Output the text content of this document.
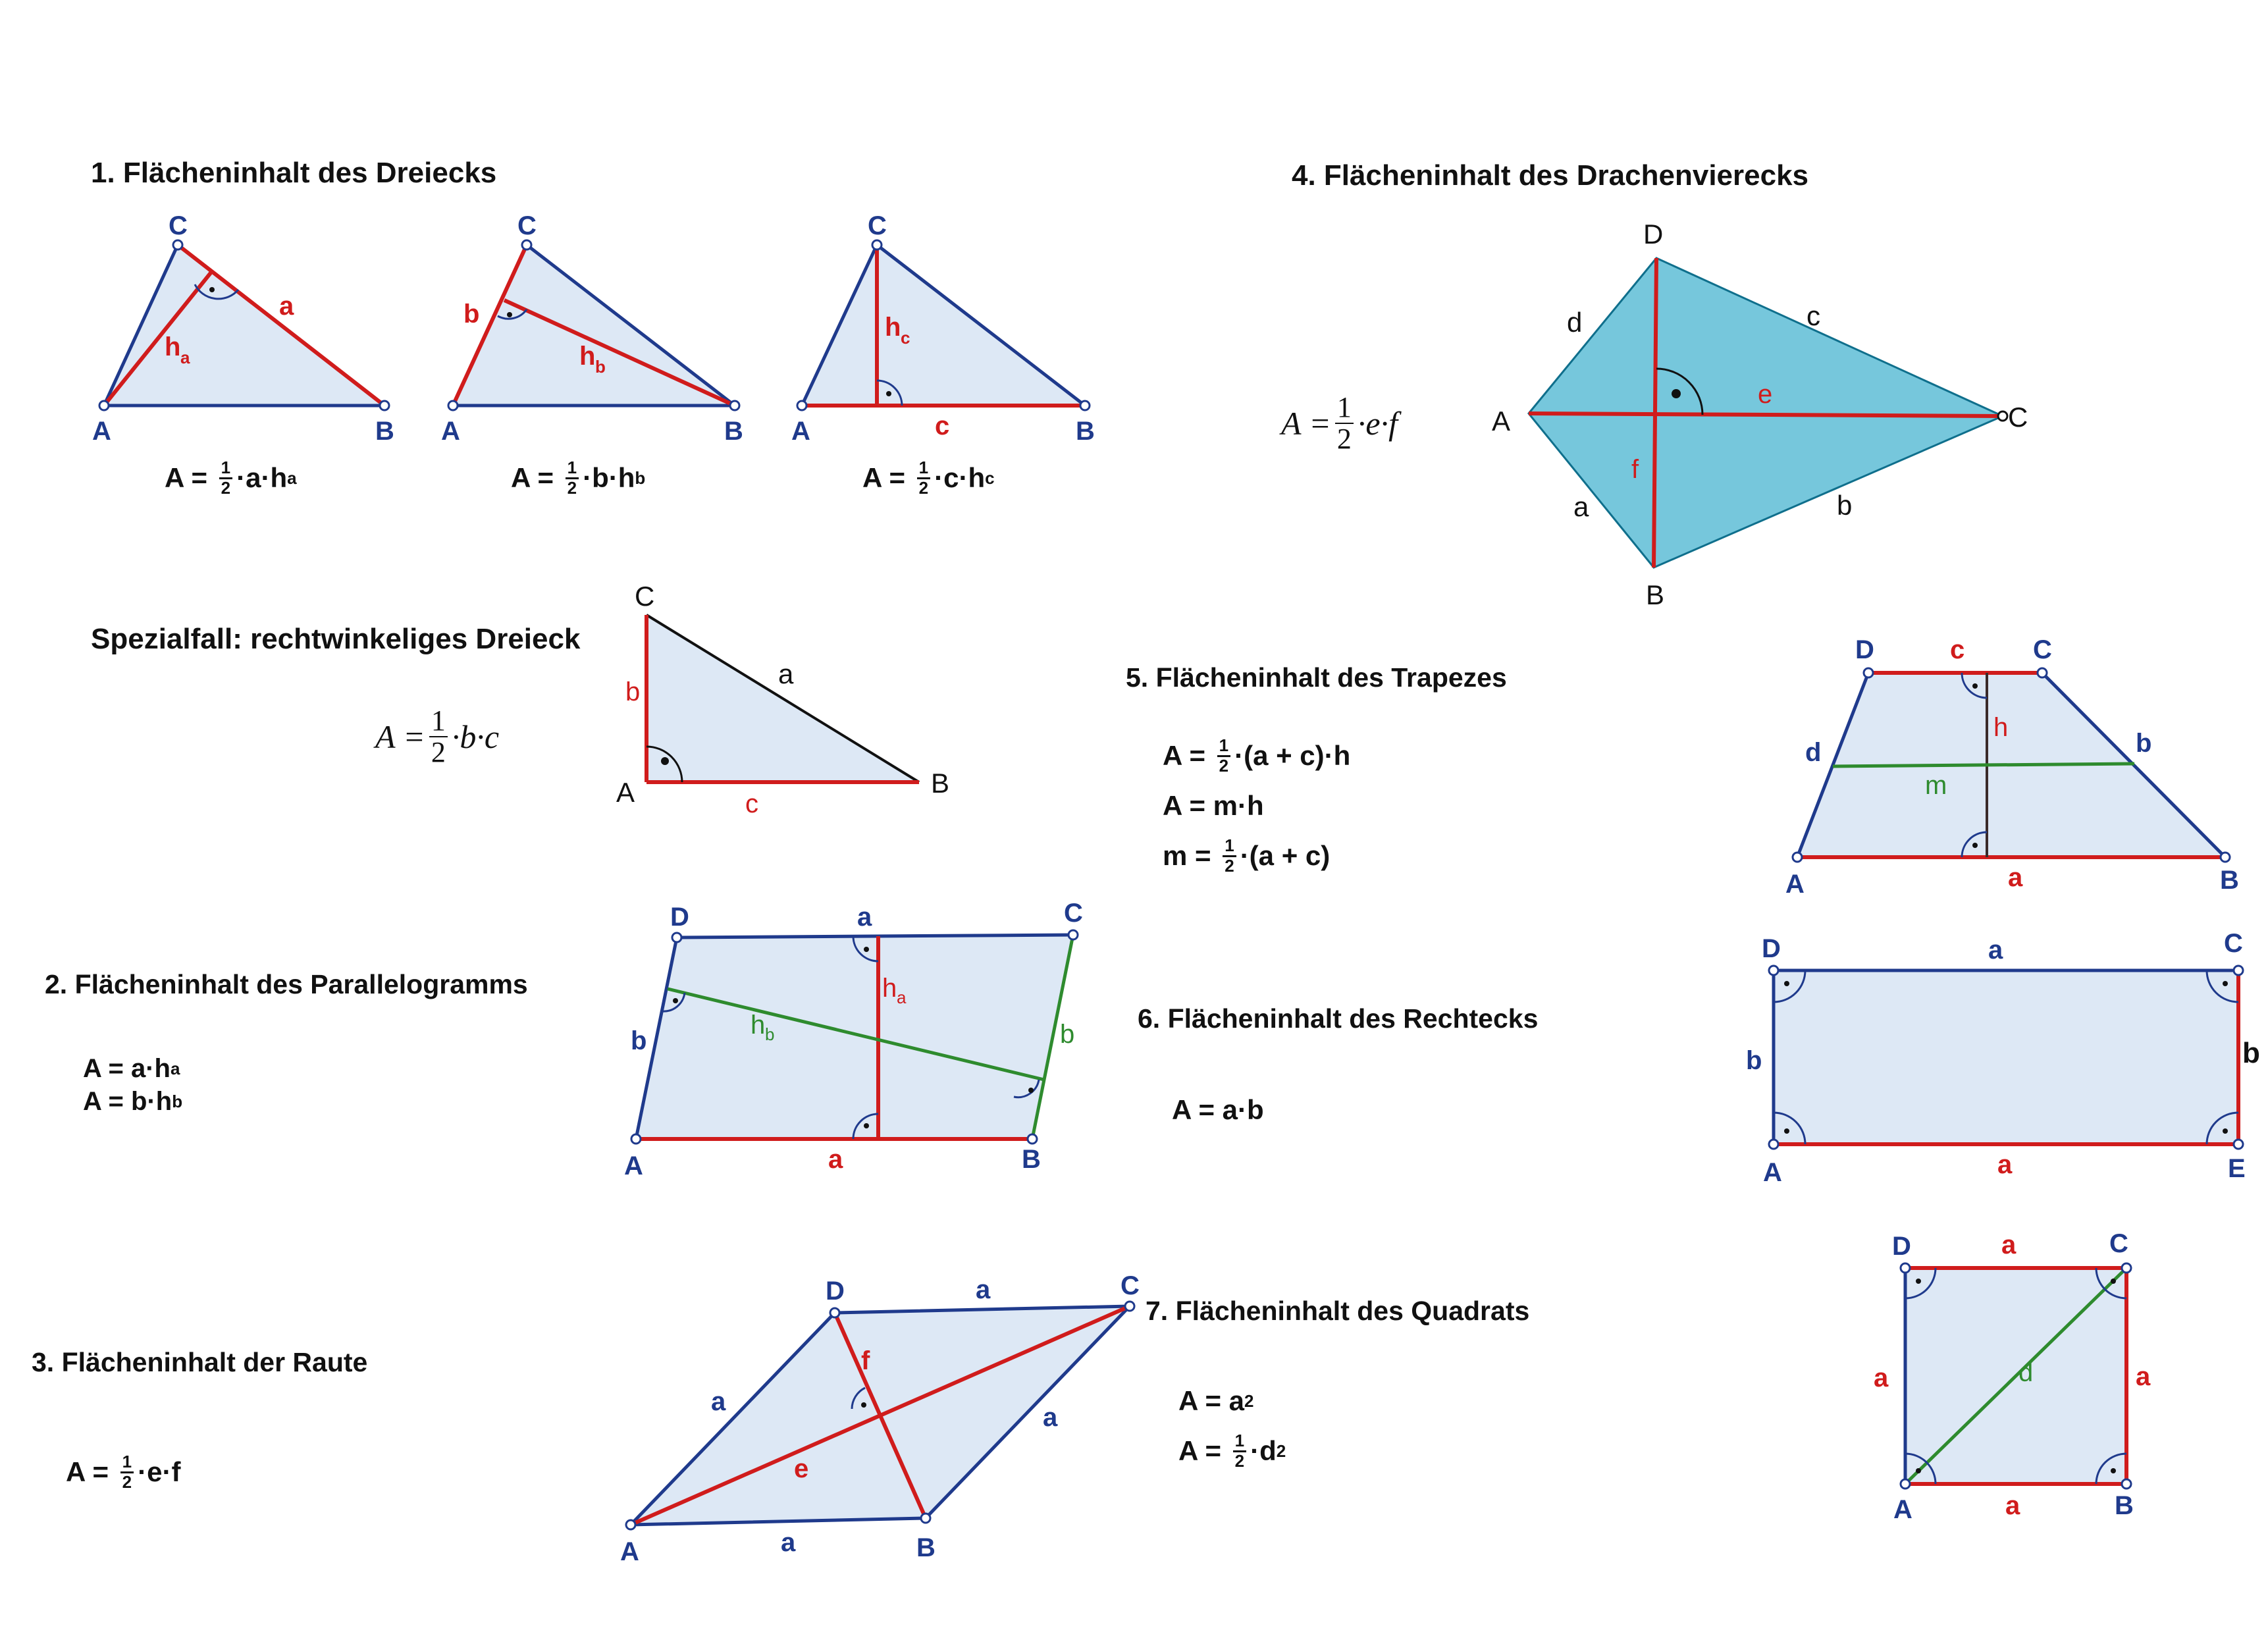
1. Flächeninhalt des Dreiecks
Spezialfall: rechtwinkeliges Dreieck
2. Flächeninhalt des Parallelogramms
3. Flächeninhalt der Raute
4. Flächeninhalt des Drachenvierecks
5. Flächeninhalt des Trapezes
6. Flächeninhalt des Rechtecks
7. Flächeninhalt des Quadrats
A =
$\frac{1}{2} \cdot a\cdot h$ a	A =
$\frac{1}{2} \cdot b\cdot h$ b	A =
$\frac{1}{2} \cdot c\cdot h$ c
$A = \frac{1}{2} \cdot b\cdot c$
A = a·h a
A = b·h b
A =
$\frac{1}{2} \cdot e\cdot f$
$A = \frac{1}{2} \cdot e\cdot f$
A =
$\frac{1}{2} \cdot(a + c)\cdot h$
A = m·h
m =
$\frac{1}{2} \cdot(a + c)$
A = a·b
A = a 2
A =
$\frac{1}{2} \cdot d$ 2
A	B
C
a
h a
A	B
C
b
h b
A	B
C
c
h c
C
A	B
a
b
c
A	B
C
D	a
a
b	b
h a
h b
A	B
C
D	a
a
a
a
e
f
D
C
A
B
d	c
a	b
e
f
A	B
C
D	c
a
d	b
h
m
D	C
A	E
a
a
b	b
D	C
A	B
a
a
a	a
d
